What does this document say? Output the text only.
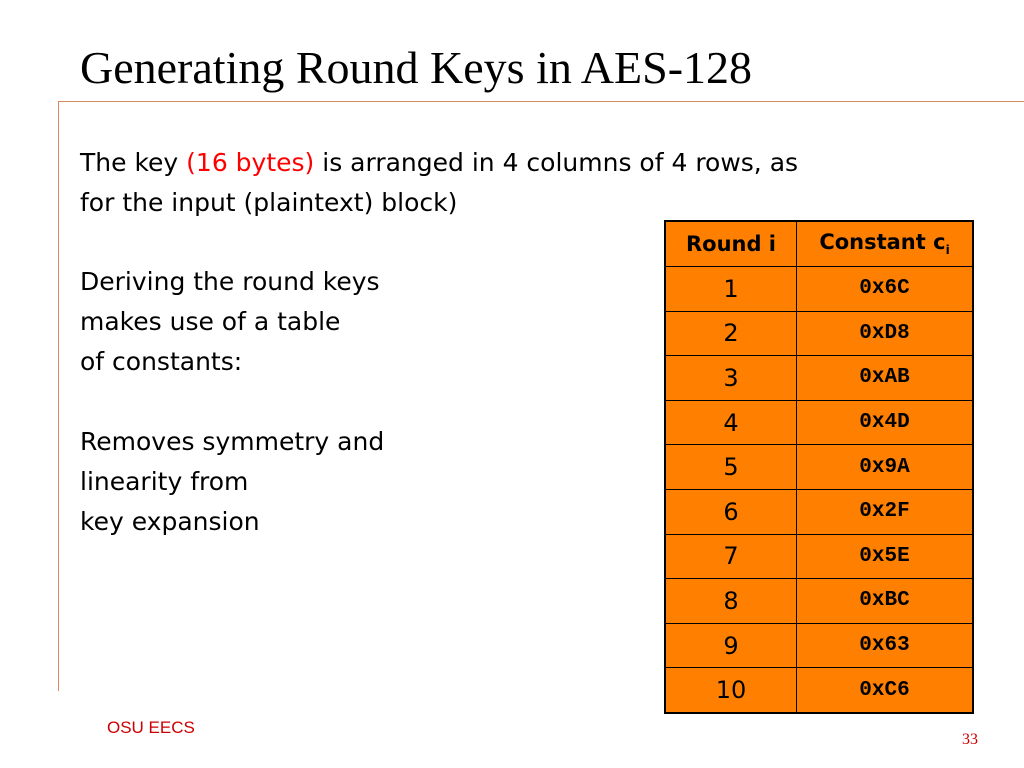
Generating Round Keys in AES-128
The key (16 bytes) is arranged in 4 columns of 4 rows, as
for the input (plaintext) block)
Deriving the round keys
makes use of a table
of constants:
Removes symmetry and
linearity from
key expansion
Round i	Constant $c_i$
1	0x6C
2	0xD8
3	0xAB
4	0x4D
5	0x9A
6	0x2F
7	0x5E
8	0xBC
9	0x63
10	0xC6
OSU EECS
33
